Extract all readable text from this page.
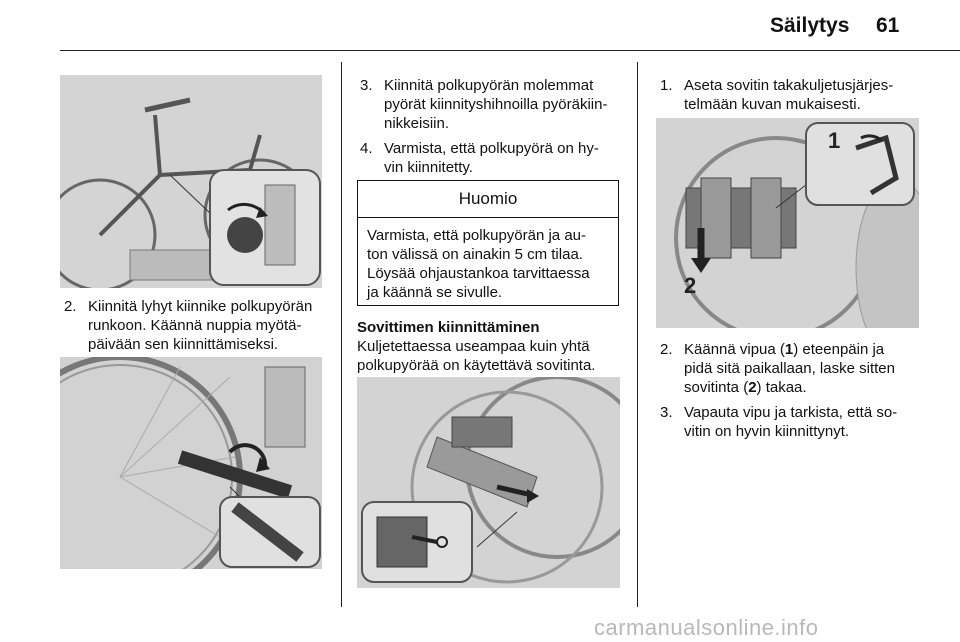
Säilytys 61
2. Kiinnitä lyhyt kiinnike polkupyörän
runkoon. Käännä nuppia myötä-
päivään sen kiinnittämiseksi.
3. Kiinnitä polkupyörän molemmat
pyörät kiinnityshihnoilla pyöräkiin-
nikkeisiin.
4. Varmista, että polkupyörä on hy-
vin kiinnitetty.
Huomio
Varmista, että polkupyörän ja au-
ton välissä on ainakin 5 cm tilaa.
Löysää ohjaustankoa tarvittaessa
ja käännä se sivulle.
Sovittimen kiinnittäminen
Kuljetettaessa useampaa kuin yhtä
polkupyörää on käytettävä sovitinta.
1. Aseta sovitin takakuljetusjärjes-
telmään kuvan mukaisesti.
1
2
2. Käännä vipua (1) eteenpäin ja
pidä sitä paikallaan, laske sitten
sovitinta (2) takaa.
3. Vapauta vipu ja tarkista, että so-
vitin on hyvin kiinnittynyt.
carmanualsonline.info
